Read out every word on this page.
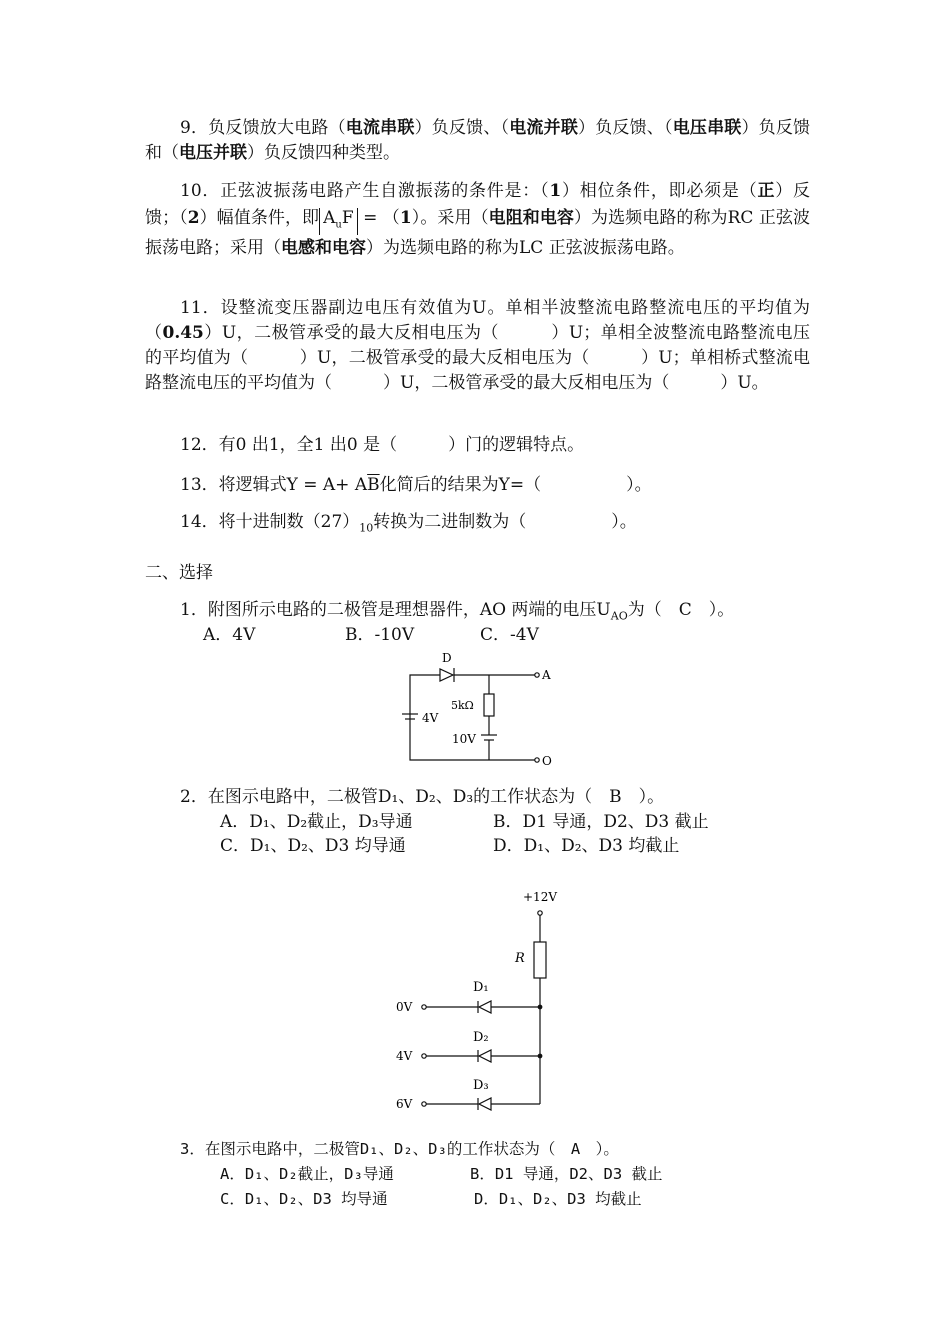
9．负反馈放大电路（电流串联）负反馈、（电流并联）负反馈、（电压串联）负反馈和（电压并联）负反馈四种类型。

10．正弦波振荡电路产生自激振荡的条件是：（1）相位条件，即必须是（正）反馈；（2）幅值条件，即 $A_uF = (1)$。采用（电阻和电容）为选频电路的称为RC 正弦波振荡电路；采用（电感和电容）为选频电路的称为LC 正弦波振荡电路。

11．设整流变压器副边电压有效值为U。单相半波整流电路整流电压的平均值为（0.45）U，二极管承受的最大反相电压为（　　　）U；单相全波整流电路整流电压的平均值为（　　　）U，二极管承受的最大反相电压为（　　　）U；单相桥式整流电路整流电压的平均值为（　　　）U，二极管承受的最大反相电压为（　　　）U。

12．有0 出1，全1 出0 是（　　　）门的逻辑特点。
13．将逻辑式$Y = A+ A\overline{B}$化简后的结果为Y=（　　　　　）。
14．将十进制数$(27)_{10}$转换为二进制数为（　　　　　）。
二、选择
1．附图所示电路的二极管是理想器件，AO 两端的电压$U_{AO}$为（　C　）。
A．4V	B．-10V	C．-4V
D
A
O
5kΩ
4V
10V
2．在图示电路中，二极管D₁、D₂、D₃的工作状态为（　B　）。
A．D₁、D₂截止，D₃导通	B．D1 导通，D2、D3 截止
C．D₁、D₂、D3 均导通	D．D₁、D₂、D3 均截止
+12V
R
D₁
D₂
D₃
0V
4V
6V
3．在图示电路中，二极管D₁、D₂、D₃的工作状态为（　A　）。
A．D₁、D₂截止，D₃导通	B．D1 导通，D2、D3 截止
C．D₁、D₂、D3 均导通	D．D₁、D₂、D3 均截止
